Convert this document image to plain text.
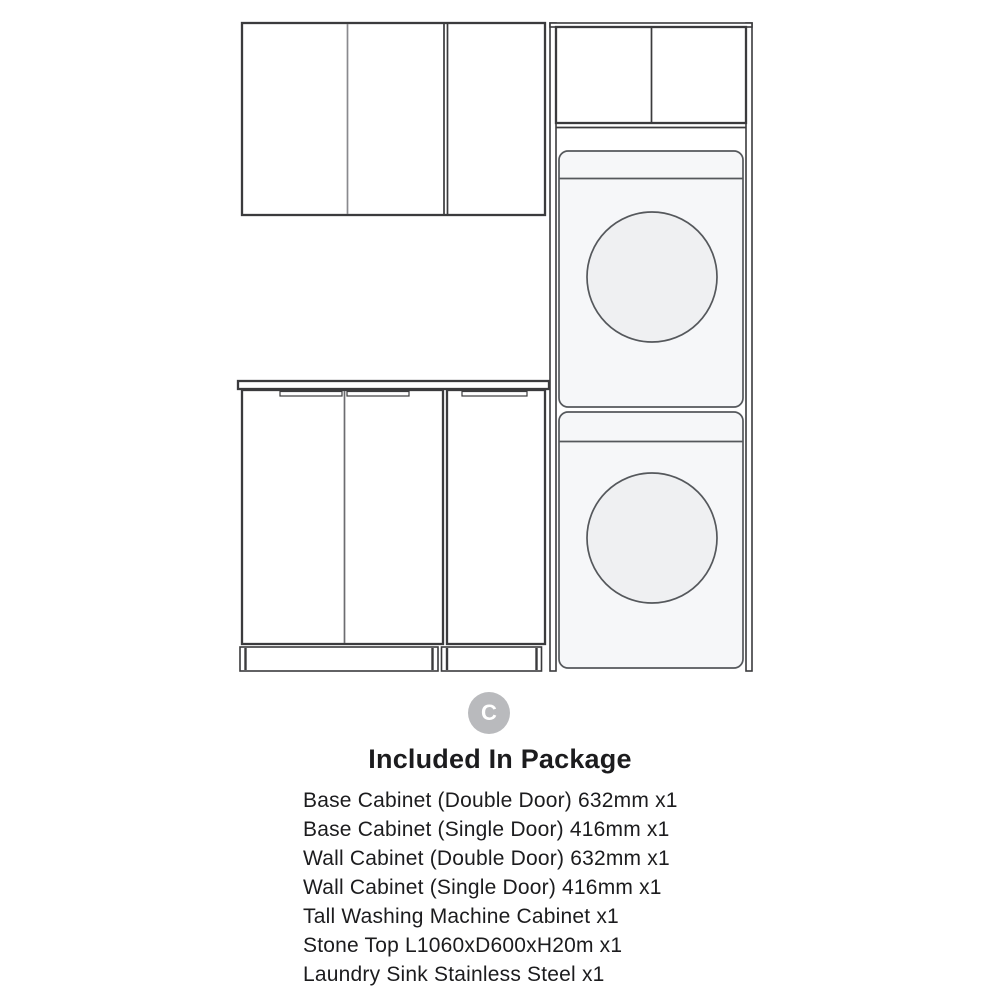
C
Included In Package
Base Cabinet (Double Door) 632mm x1
Base Cabinet (Single Door) 416mm x1
Wall Cabinet (Double Door) 632mm x1
Wall Cabinet (Single Door) 416mm x1
Tall Washing Machine Cabinet x1
Stone Top L1060xD600xH20m x1
Laundry Sink Stainless Steel x1
